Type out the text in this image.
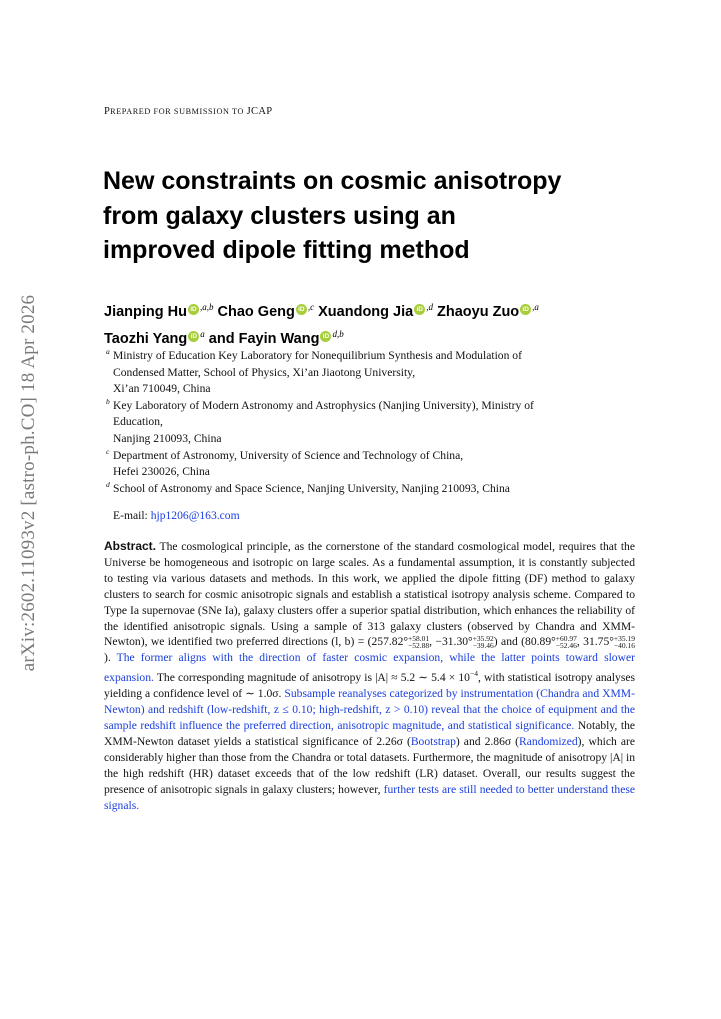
arXiv:2602.11093v2 [astro-ph.CO] 18 Apr 2026
PREPARED FOR SUBMISSION TO JCAP
New constraints on cosmic anisotropy
from galaxy clusters using an
improved dipole fitting method
Jianping Hu iD $^{,a,b}$ Chao Geng iD $^{,c}$ Xuandong Jia iD $^{,d}$ Zhaoyu Zuo iD $^{,a}$
Taozhi Yang iD $^a$ and Fayin Wang iD $^{d,b}$
a Ministry of Education Key Laboratory for Nonequilibrium Synthesis and Modulation of
Condensed Matter, School of Physics, Xi’an Jiaotong University,
Xi’an 710049, China
b Key Laboratory of Modern Astronomy and Astrophysics (Nanjing University), Ministry of
Education,
Nanjing 210093, China
c Department of Astronomy, University of Science and Technology of China,
Hefei 230026, China
d School of Astronomy and Space Science, Nanjing University, Nanjing 210093, China
E-mail: hjp1206@163.com

Abstract. The cosmological principle, as the cornerstone of the standard cosmological model, requires that the Universe be homogeneous and isotropic on large scales. As a fundamental assumption, it is constantly subjected to testing via various datasets and methods. In this work, we applied the dipole fitting (DF) method to galaxy clusters to search for cosmic anisotropic signals and establish a statistical isotropy analysis scheme. Compared to Type Ia supernovae (SNe Ia), galaxy clusters offer a superior spatial distribution, which enhances the reliability of the identified anisotropic signals. Using a sample of 313 galaxy clusters (observed by Chandra and XMM-Newton), we identified two preferred directions (l, b) = (257.82° +58.01
−52.88 , −31.30° +35.92
−39.46 ) and (80.89° +60.97
−52.46 , 31.75° +35.19
−40.16
). The former aligns with the direction of faster cosmic expansion, while the latter points toward slower expansion. The corresponding magnitude of anisotropy is |A| ≈ 5.2 ∼ $5.4 \times 10^{-4}$, with statistical isotropy analyses yielding a confidence level of ∼ 1.0σ. Subsample reanalyses categorized by instrumentation (Chandra and XMM-Newton) and redshift (low-redshift, z ≤ 0.10; high-redshift, z > 0.10) reveal that the choice of equipment and the sample redshift influence the preferred direction, anisotropic magnitude, and statistical significance. Notably, the XMM-Newton dataset yields a statistical significance of 2.26σ (Bootstrap) and 2.86σ (Randomized), which are considerably higher than those from the Chandra or total datasets. Furthermore, the magnitude of anisotropy |A| in the high redshift (HR) dataset exceeds that of the low redshift (LR) dataset. Overall, our results suggest the presence of anisotropic signals in galaxy clusters; however, further tests are still needed to better understand these signals.
